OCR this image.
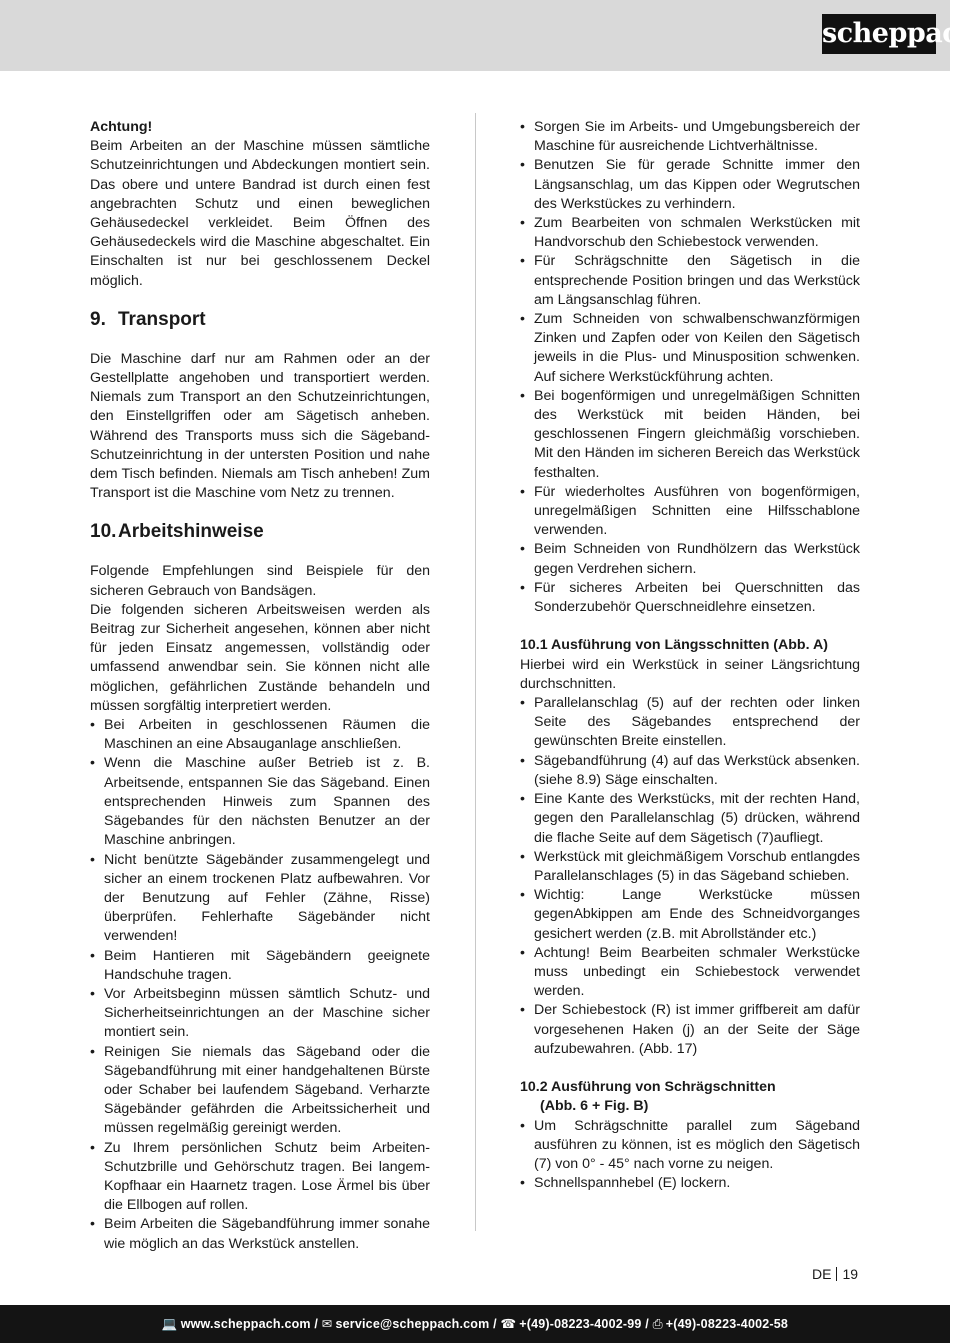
scheppach

Achtung!

Beim Arbeiten an der Maschine müssen sämtliche Schutzeinrichtungen und Abdeckungen montiert sein. Das obere und untere Bandrad ist durch einen fest angebrachten Schutz und einen beweglichen Gehäusedeckel verkleidet. Beim Öffnen des Gehäusedeckels wird die Maschine abgeschaltet. Ein Einschalten ist nur bei geschlossenem Deckel möglich.

9. Transport

Die Maschine darf nur am Rahmen oder an der Gestellplatte angehoben und transportiert werden. Niemals zum Transport an den Schutzeinrichtungen, den Einstellgriffen oder am Sägetisch anheben. Während des Transports muss sich die Sägeband-Schutzeinrichtung in der untersten Position und nahe dem Tisch befinden. Niemals am Tisch anheben! Zum Transport ist die Maschine vom Netz zu trennen.

10.Arbeitshinweise

Folgende Empfehlungen sind Beispiele für den sicheren Gebrauch von Bandsägen.

Die folgenden sicheren Arbeitsweisen werden als Beitrag zur Sicherheit angesehen, können aber nicht für jeden Einsatz angemessen, vollständig oder umfassend anwendbar sein. Sie können nicht alle möglichen, gefährlichen Zustände behandeln und müssen sorgfältig interpretiert werden.

• Bei Arbeiten in geschlossenen Räumen die Maschinen an eine Absauganlage anschließen.
• Wenn die Maschine außer Betrieb ist z. B. Arbeitsende, entspannen Sie das Sägeband. Einen entsprechenden Hinweis zum Spannen des Sägebandes für den nächsten Benutzer an der Maschine anbringen.
• Nicht benützte Sägebänder zusammengelegt und sicher an einem trockenen Platz aufbewahren. Vor der Benutzung auf Fehler (Zähne, Risse) überprüfen. Fehlerhafte Sägebänder nicht verwenden!
• Beim Hantieren mit Sägebändern geeignete Handschuhe tragen.
• Vor Arbeitsbeginn müssen sämtlich Schutz- und Sicherheitseinrichtungen an der Maschine sicher montiert sein.
• Reinigen Sie niemals das Sägeband oder die Sägebandführung mit einer handgehaltenen Bürste oder Schaber bei laufendem Sägeband. Verharzte Sägebänder gefährden die Arbeitssicherheit und müssen regelmäßig gereinigt werden.
• Zu Ihrem persönlichen Schutz beim Arbeiten-Schutzbrille und Gehörschutz tragen. Bei langem-Kopfhaar ein Haarnetz tragen. Lose Ärmel bis über die Ellbogen auf rollen.
• Beim Arbeiten die Sägebandführung immer sonahe wie möglich an das Werkstück anstellen.
• Sorgen Sie im Arbeits- und Umgebungsbereich der Maschine für ausreichende Lichtverhältnisse.
• Benutzen Sie für gerade Schnitte immer den Längsanschlag, um das Kippen oder Wegrutschen des Werkstückes zu verhindern.
• Zum Bearbeiten von schmalen Werkstücken mit Handvorschub den Schiebestock verwenden.
• Für Schrägschnitte den Sägetisch in die entsprechende Position bringen und das Werkstück am Längsanschlag führen.
• Zum Schneiden von schwalbenschwanzförmigen Zinken und Zapfen oder von Keilen den Sägetisch jeweils in die Plus- und Minusposition schwenken. Auf sichere Werkstückführung achten.
• Bei bogenförmigen und unregelmäßigen Schnitten des Werkstück mit beiden Händen, bei geschlossenen Fingern gleichmäßig vorschieben. Mit den Händen im sicheren Bereich das Werkstück festhalten.
• Für wiederholtes Ausführen von bogenförmigen, unregelmäßigen Schnitten eine Hilfsschablone verwenden.
• Beim Schneiden von Rundhölzern das Werkstück gegen Verdrehen sichern.
• Für sicheres Arbeiten bei Querschnitten das Sonderzubehör Querschneidlehre einsetzen.
10.1 Ausführung von Längsschnitten (Abb. A)

Hierbei wird ein Werkstück in seiner Längsrichtung durchschnitten.

• Parallelanschlag (5) auf der rechten oder linken Seite des Sägebandes entsprechend der gewünschten Breite einstellen.
• Sägebandführung (4) auf das Werkstück absenken. (siehe 8.9) Säge einschalten.
• Eine Kante des Werkstücks, mit der rechten Hand, gegen den Parallelanschlag (5) drücken, während die flache Seite auf dem Sägetisch (7)aufliegt.
• Werkstück mit gleichmäßigem Vorschub entlangdes Parallelanschlages (5) in das Sägeband schieben.
• Wichtig: Lange Werkstücke müssen gegenAbkippen am Ende des Schneidvorganges gesichert werden (z.B. mit Abrollständer etc.)
• Achtung! Beim Bearbeiten schmaler Werkstücke muss unbedingt ein Schiebestock verwendet werden.
• Der Schiebestock (R) ist immer griffbereit am dafür vorgesehenen Haken (j) an der Seite der Säge aufzubewahren. (Abb. 17)
10.2 Ausführung von Schrägschnitten
(Abb. 6 + Fig. B)
• Um Schrägschnitte parallel zum Sägeband ausführen zu können, ist es möglich den Sägetisch (7) von 0° - 45° nach vorne zu neigen.
• Schnellspannhebel (E) lockern.
DE 19
💻 www.scheppach.com / ✉ service@scheppach.com / ☎ +(49)-08223-4002-99 / ⎙ +(49)-08223-4002-58
